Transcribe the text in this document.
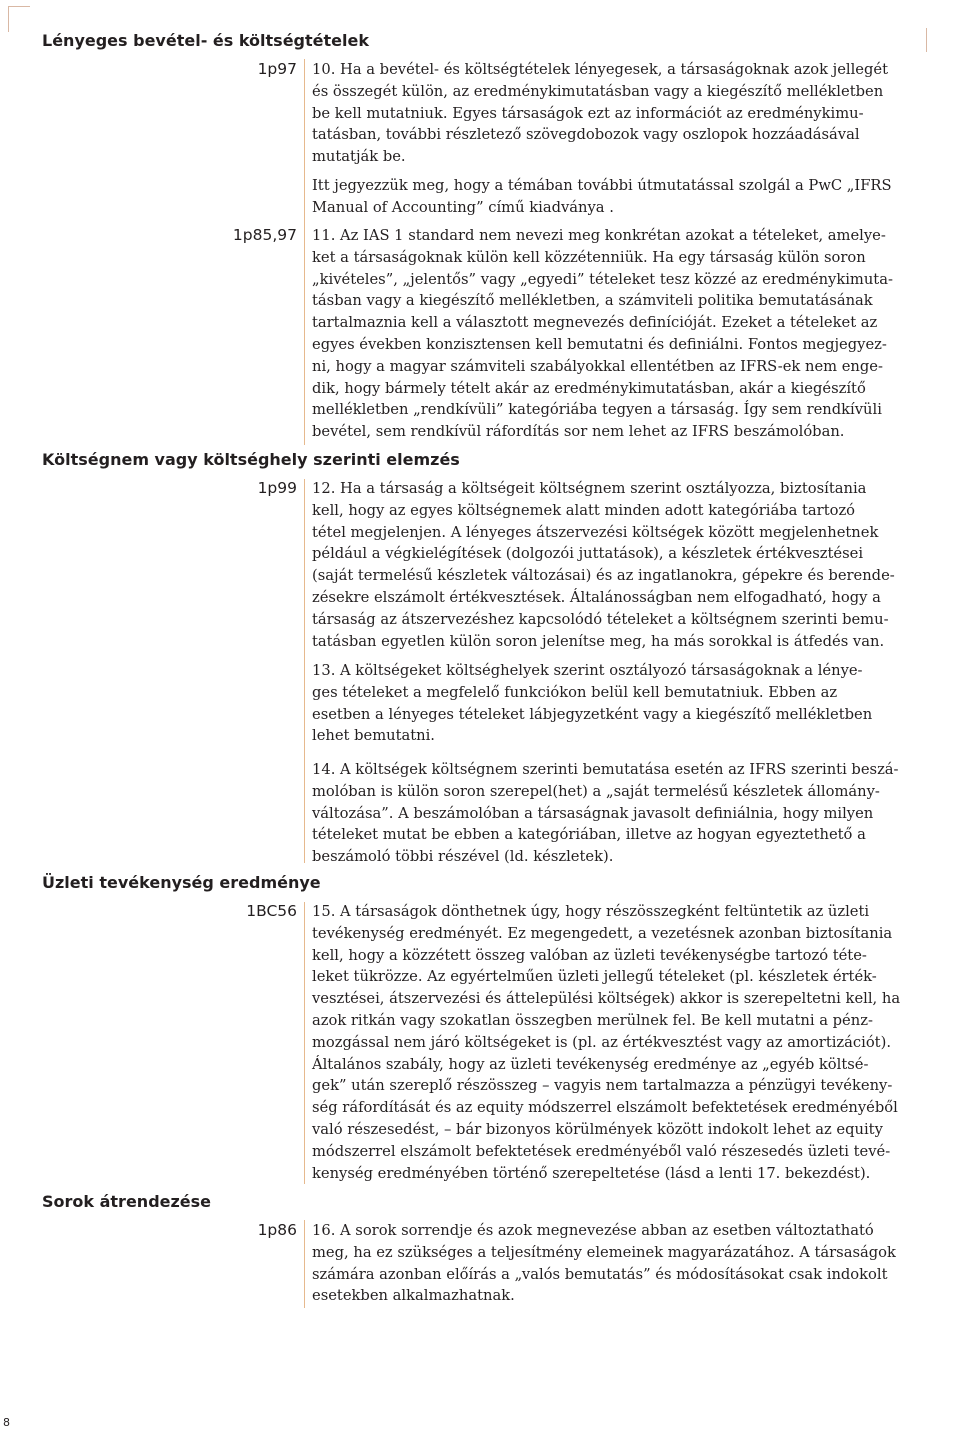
Lényeges bevétel- és költségtételek
Költségnem vagy költséghely szerinti elemzés
Üzleti tevékenység eredménye
Sorok átrendezése
1p97
1p85,97
1p99
1BC56
1p86

10. Ha a bevétel- és költségtételek lényegesek, a társaságoknak azok jellegét
és összegét külön, az eredménykimutatásban vagy a kiegészítő mellékletben
be kell mutatniuk. Egyes társaságok ezt az információt az eredménykimu-
tatásban, további részletező szövegdobozok vagy oszlopok hozzáadásával
mutatják be.

Itt jegyezzük meg, hogy a témában további útmutatással szolgál a PwC „IFRS
Manual of Accounting” című kiadványa .

11. Az IAS 1 standard nem nevezi meg konkrétan azokat a tételeket, amelye-
ket a társaságoknak külön kell közzétenniük. Ha egy társaság külön soron
„kivételes”, „jelentős” vagy „egyedi” tételeket tesz közzé az eredménykimuta-
tásban vagy a kiegészítő mellékletben, a számviteli politika bemutatásának
tartalmaznia kell a választott megnevezés definícióját. Ezeket a tételeket az
egyes években konzisztensen kell bemutatni és definiálni. Fontos megjegyez-
ni, hogy a magyar számviteli szabályokkal ellentétben az IFRS-ek nem enge-
dik, hogy bármely tételt akár az eredménykimutatásban, akár a kiegészítő
mellékletben „rendkívüli” kategóriába tegyen a társaság. Így sem rendkívüli
bevétel, sem rendkívül ráfordítás sor nem lehet az IFRS beszámolóban.

12. Ha a társaság a költségeit költségnem szerint osztályozza, biztosítania
kell, hogy az egyes költségnemek alatt minden adott kategóriába tartozó
tétel megjelenjen. A lényeges átszervezési költségek között megjelenhetnek
például a végkielégítések (dolgozói juttatások), a készletek értékvesztései
(saját termelésű készletek változásai) és az ingatlanokra, gépekre és berende-
zésekre elszámolt értékvesztések. Általánosságban nem elfogadható, hogy a
társaság az átszervezéshez kapcsolódó tételeket a költségnem szerinti bemu-
tatásban egyetlen külön soron jelenítse meg, ha más sorokkal is átfedés van.

13. A költségeket költséghelyek szerint osztályozó társaságoknak a lénye-
ges tételeket a megfelelő funkciókon belül kell bemutatniuk. Ebben az
esetben a lényeges tételeket lábjegyzetként vagy a kiegészítő mellékletben
lehet bemutatni.

14. A költségek költségnem szerinti bemutatása esetén az IFRS szerinti beszá-
molóban is külön soron szerepel(het) a „saját termelésű készletek állomány-
változása”. A beszámolóban a társaságnak javasolt definiálnia, hogy milyen
tételeket mutat be ebben a kategóriában, illetve az hogyan egyeztethető a
beszámoló többi részével (ld. készletek).

15. A társaságok dönthetnek úgy, hogy részösszegként feltüntetik az üzleti
tevékenység eredményét. Ez megengedett, a vezetésnek azonban biztosítania
kell, hogy a közzétett összeg valóban az üzleti tevékenységbe tartozó téte-
leket tükrözze. Az egyértelműen üzleti jellegű tételeket (pl. készletek érték-
vesztései, átszervezési és áttelepülési költségek) akkor is szerepeltetni kell, ha
azok ritkán vagy szokatlan összegben merülnek fel. Be kell mutatni a pénz-
mozgással nem járó költségeket is (pl. az értékvesztést vagy az amortizációt).
Általános szabály, hogy az üzleti tevékenység eredménye az „egyéb költsé-
gek” után szereplő részösszeg – vagyis nem tartalmazza a pénzügyi tevékeny-
ség ráfordítását és az equity módszerrel elszámolt befektetések eredményéből
való részesedést, – bár bizonyos körülmények között indokolt lehet az equity
módszerrel elszámolt befektetések eredményéből való részesedés üzleti tevé-
kenység eredményében történő szerepeltetése (lásd a lenti 17. bekezdést).

16. A sorok sorrendje és azok megnevezése abban az esetben változtatható
meg, ha ez szükséges a teljesítmény elemeinek magyarázatához. A társaságok
számára azonban előírás a „valós bemutatás” és módosításokat csak indokolt
esetekben alkalmazhatnak.

8
